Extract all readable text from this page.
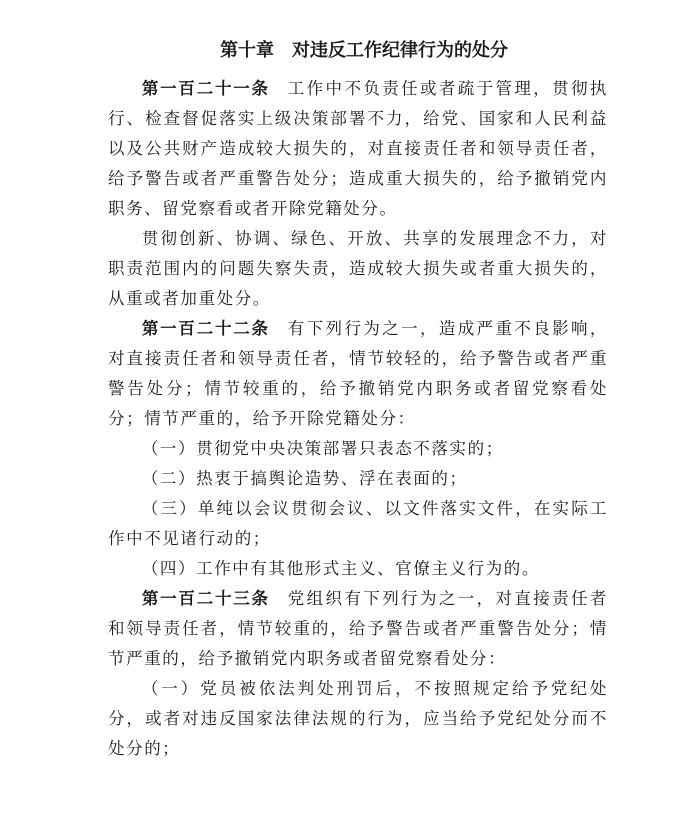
第十章　对违反工作纪律行为的处分

第一百二十一条 工作中不负责任或者疏于管理，贯彻执行、检查督促落实上级决策部署不力，给党、国家和人民利益以及公共财产造成较大损失的，对直接责任者和领导责任者，给予警告或者严重警告处分；造成重大损失的，给予撤销党内职务、留党察看或者开除党籍处分。

贯彻创新、协调、绿色、开放、共享的发展理念不力，对职责范围内的问题失察失责，造成较大损失或者重大损失的，从重或者加重处分。

第一百二十二条 有下列行为之一，造成严重不良影响，对直接责任者和领导责任者，情节较轻的，给予警告或者严重警告处分；情节较重的，给予撤销党内职务或者留党察看处分；情节严重的，给予开除党籍处分：

（一）贯彻党中央决策部署只表态不落实的；

（二）热衷于搞舆论造势、浮在表面的；

（三）单纯以会议贯彻会议、以文件落实文件，在实际工作中不见诸行动的；

（四）工作中有其他形式主义、官僚主义行为的。

第一百二十三条 党组织有下列行为之一，对直接责任者和领导责任者，情节较重的，给予警告或者严重警告处分；情节严重的，给予撤销党内职务或者留党察看处分：

（一）党员被依法判处刑罚后，不按照规定给予党纪处分，或者对违反国家法律法规的行为，应当给予党纪处分而不处分的；
